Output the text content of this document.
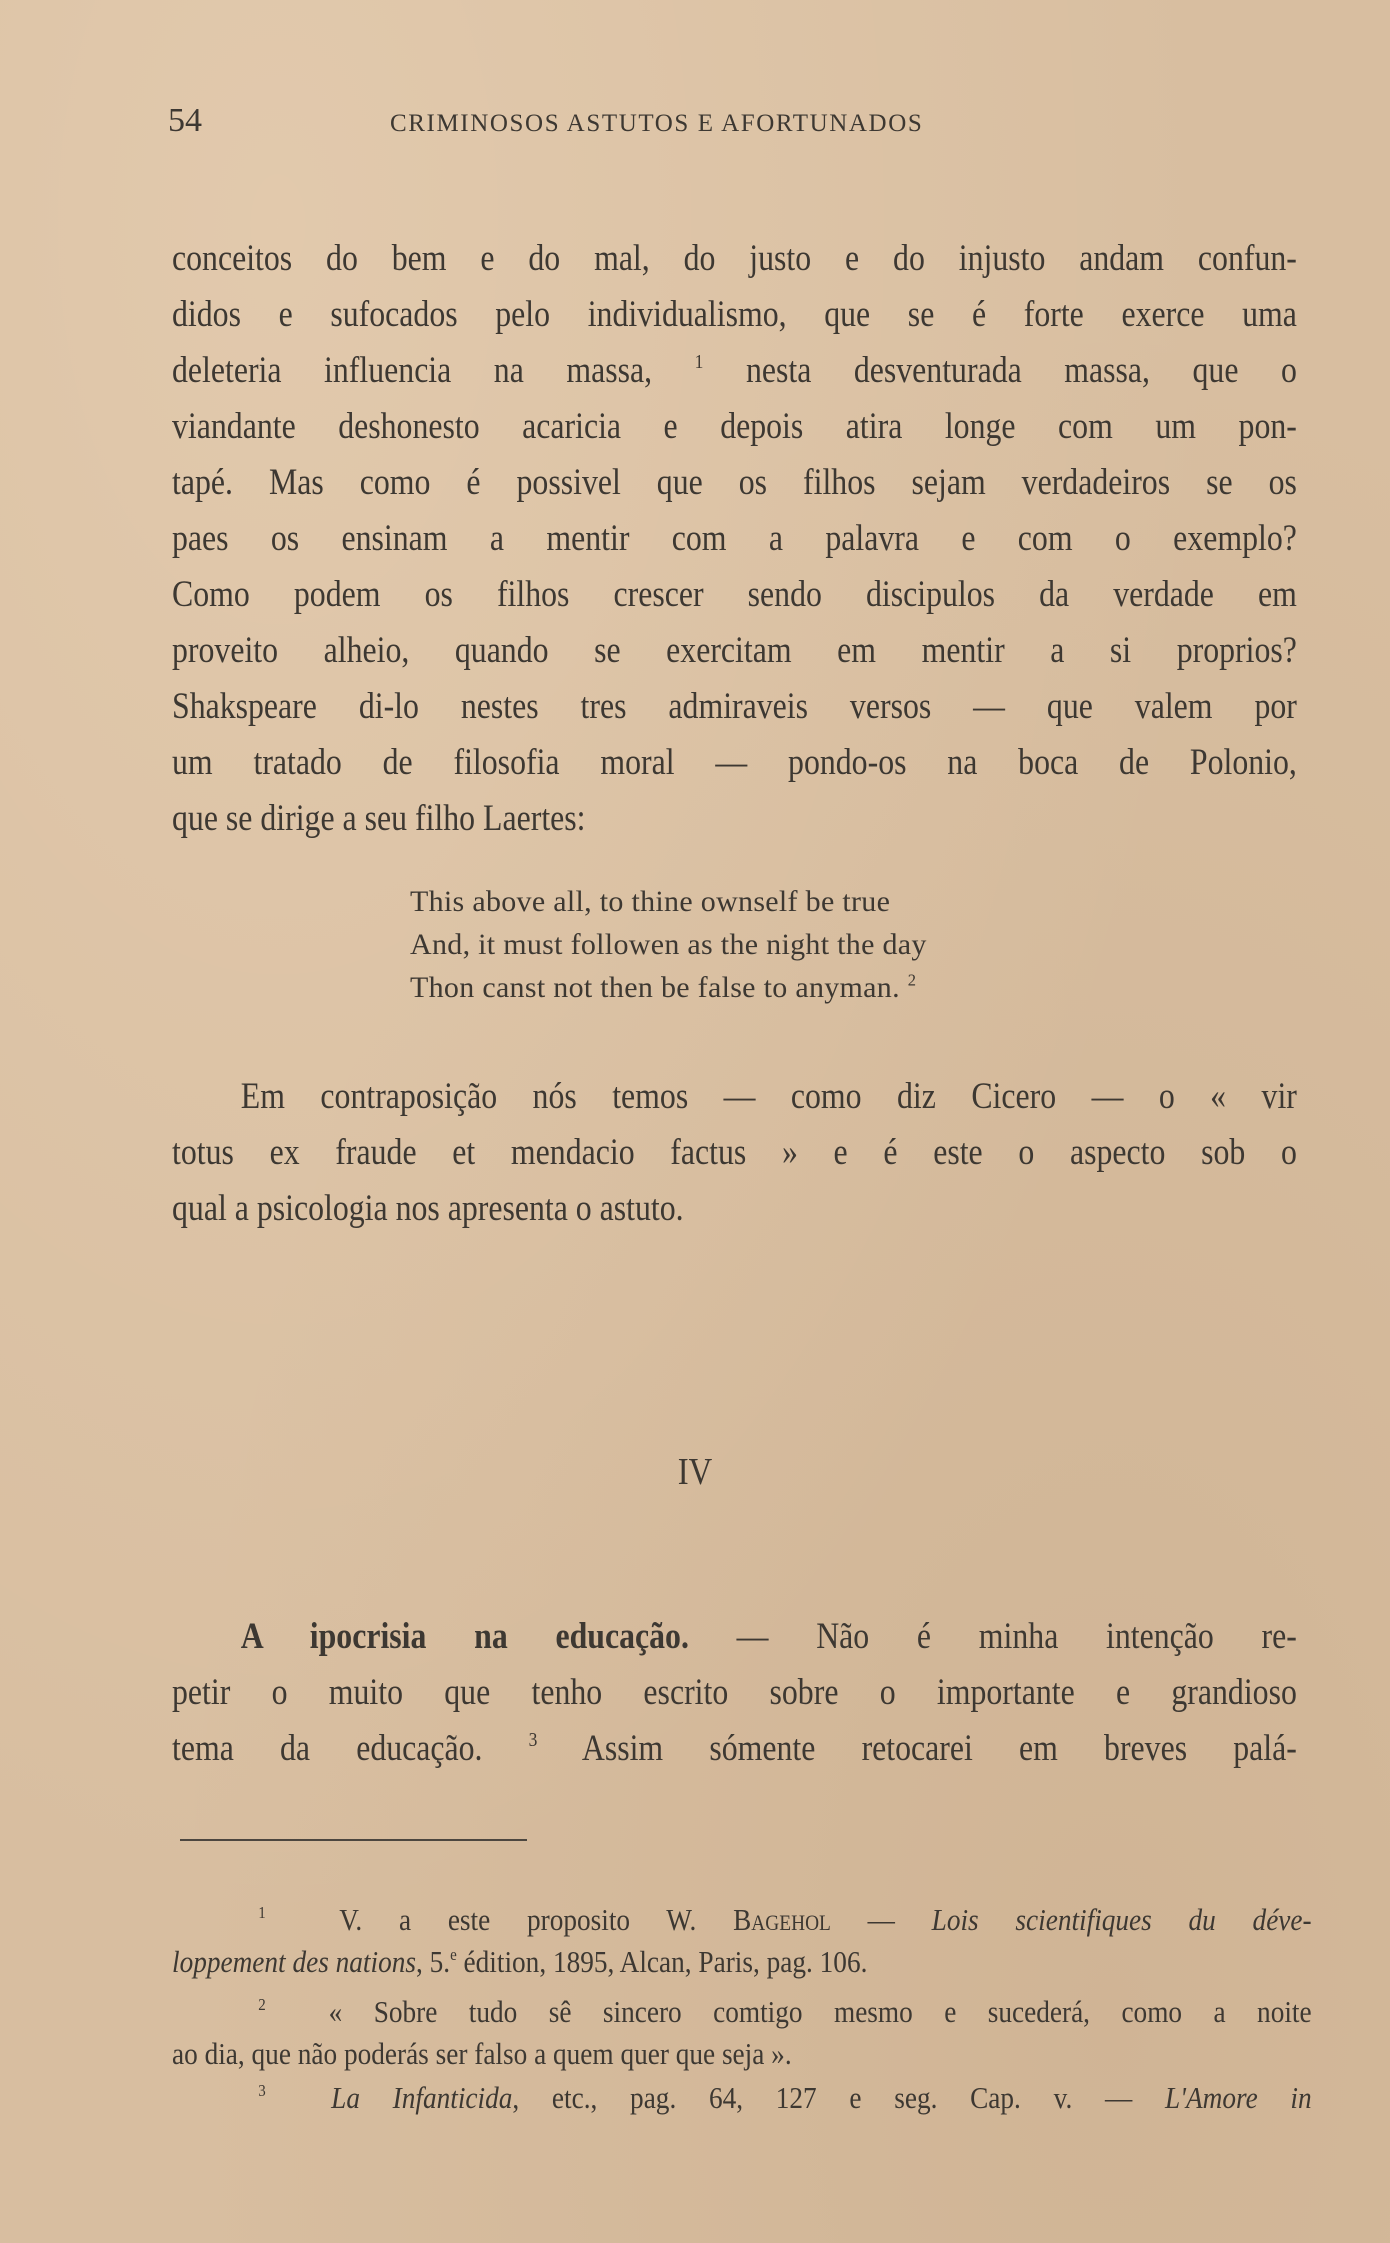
54	CRIMINOSOS ASTUTOS E AFORTUNADOS
conceitos do bem e do mal, do justo e do injusto andam confun-
didos e sufocados pelo individualismo, que se é forte exerce uma
deleteria influencia na massa, $^1$ nesta desventurada massa, que o
viandante deshonesto acaricia e depois atira longe com um pon-
tapé. Mas como é possivel que os filhos sejam verdadeiros se os
paes os ensinam a mentir com a palavra e com o exemplo?
Como podem os filhos crescer sendo discipulos da verdade em
proveito alheio, quando se exercitam em mentir a si proprios?
Shakspeare di-lo nestes tres admiraveis versos — que valem por
um tratado de filosofia moral — pondo-os na boca de Polonio,
que se dirige a seu filho Laertes:
This above all, to thine ownself be true
And, it must followen as the night the day
Thon canst not then be false to anyman. $^2$
Em contraposição nós temos — como diz Cicero — o « vir
totus ex fraude et mendacio factus » e é este o aspecto sob o
qual a psicologia nos apresenta o astuto.
IV
A ipocrisia na educação. — Não é minha intenção re-
petir o muito que tenho escrito sobre o importante e grandioso
tema da educação. $^3$ Assim sómente retocarei em breves palá-
$^1$ V. a este proposito W. Bagehol — Lois scientifiques du déve-
loppement des nations, 5.$^e$ édition, 1895, Alcan, Paris, pag. 106.
$^2$ « Sobre tudo sê sincero comtigo mesmo e sucederá, como a noite
ao dia, que não poderás ser falso a quem quer que seja ».
$^3$ La Infanticida, etc., pag. 64, 127 e seg. Cap. v. — L'Amore in
